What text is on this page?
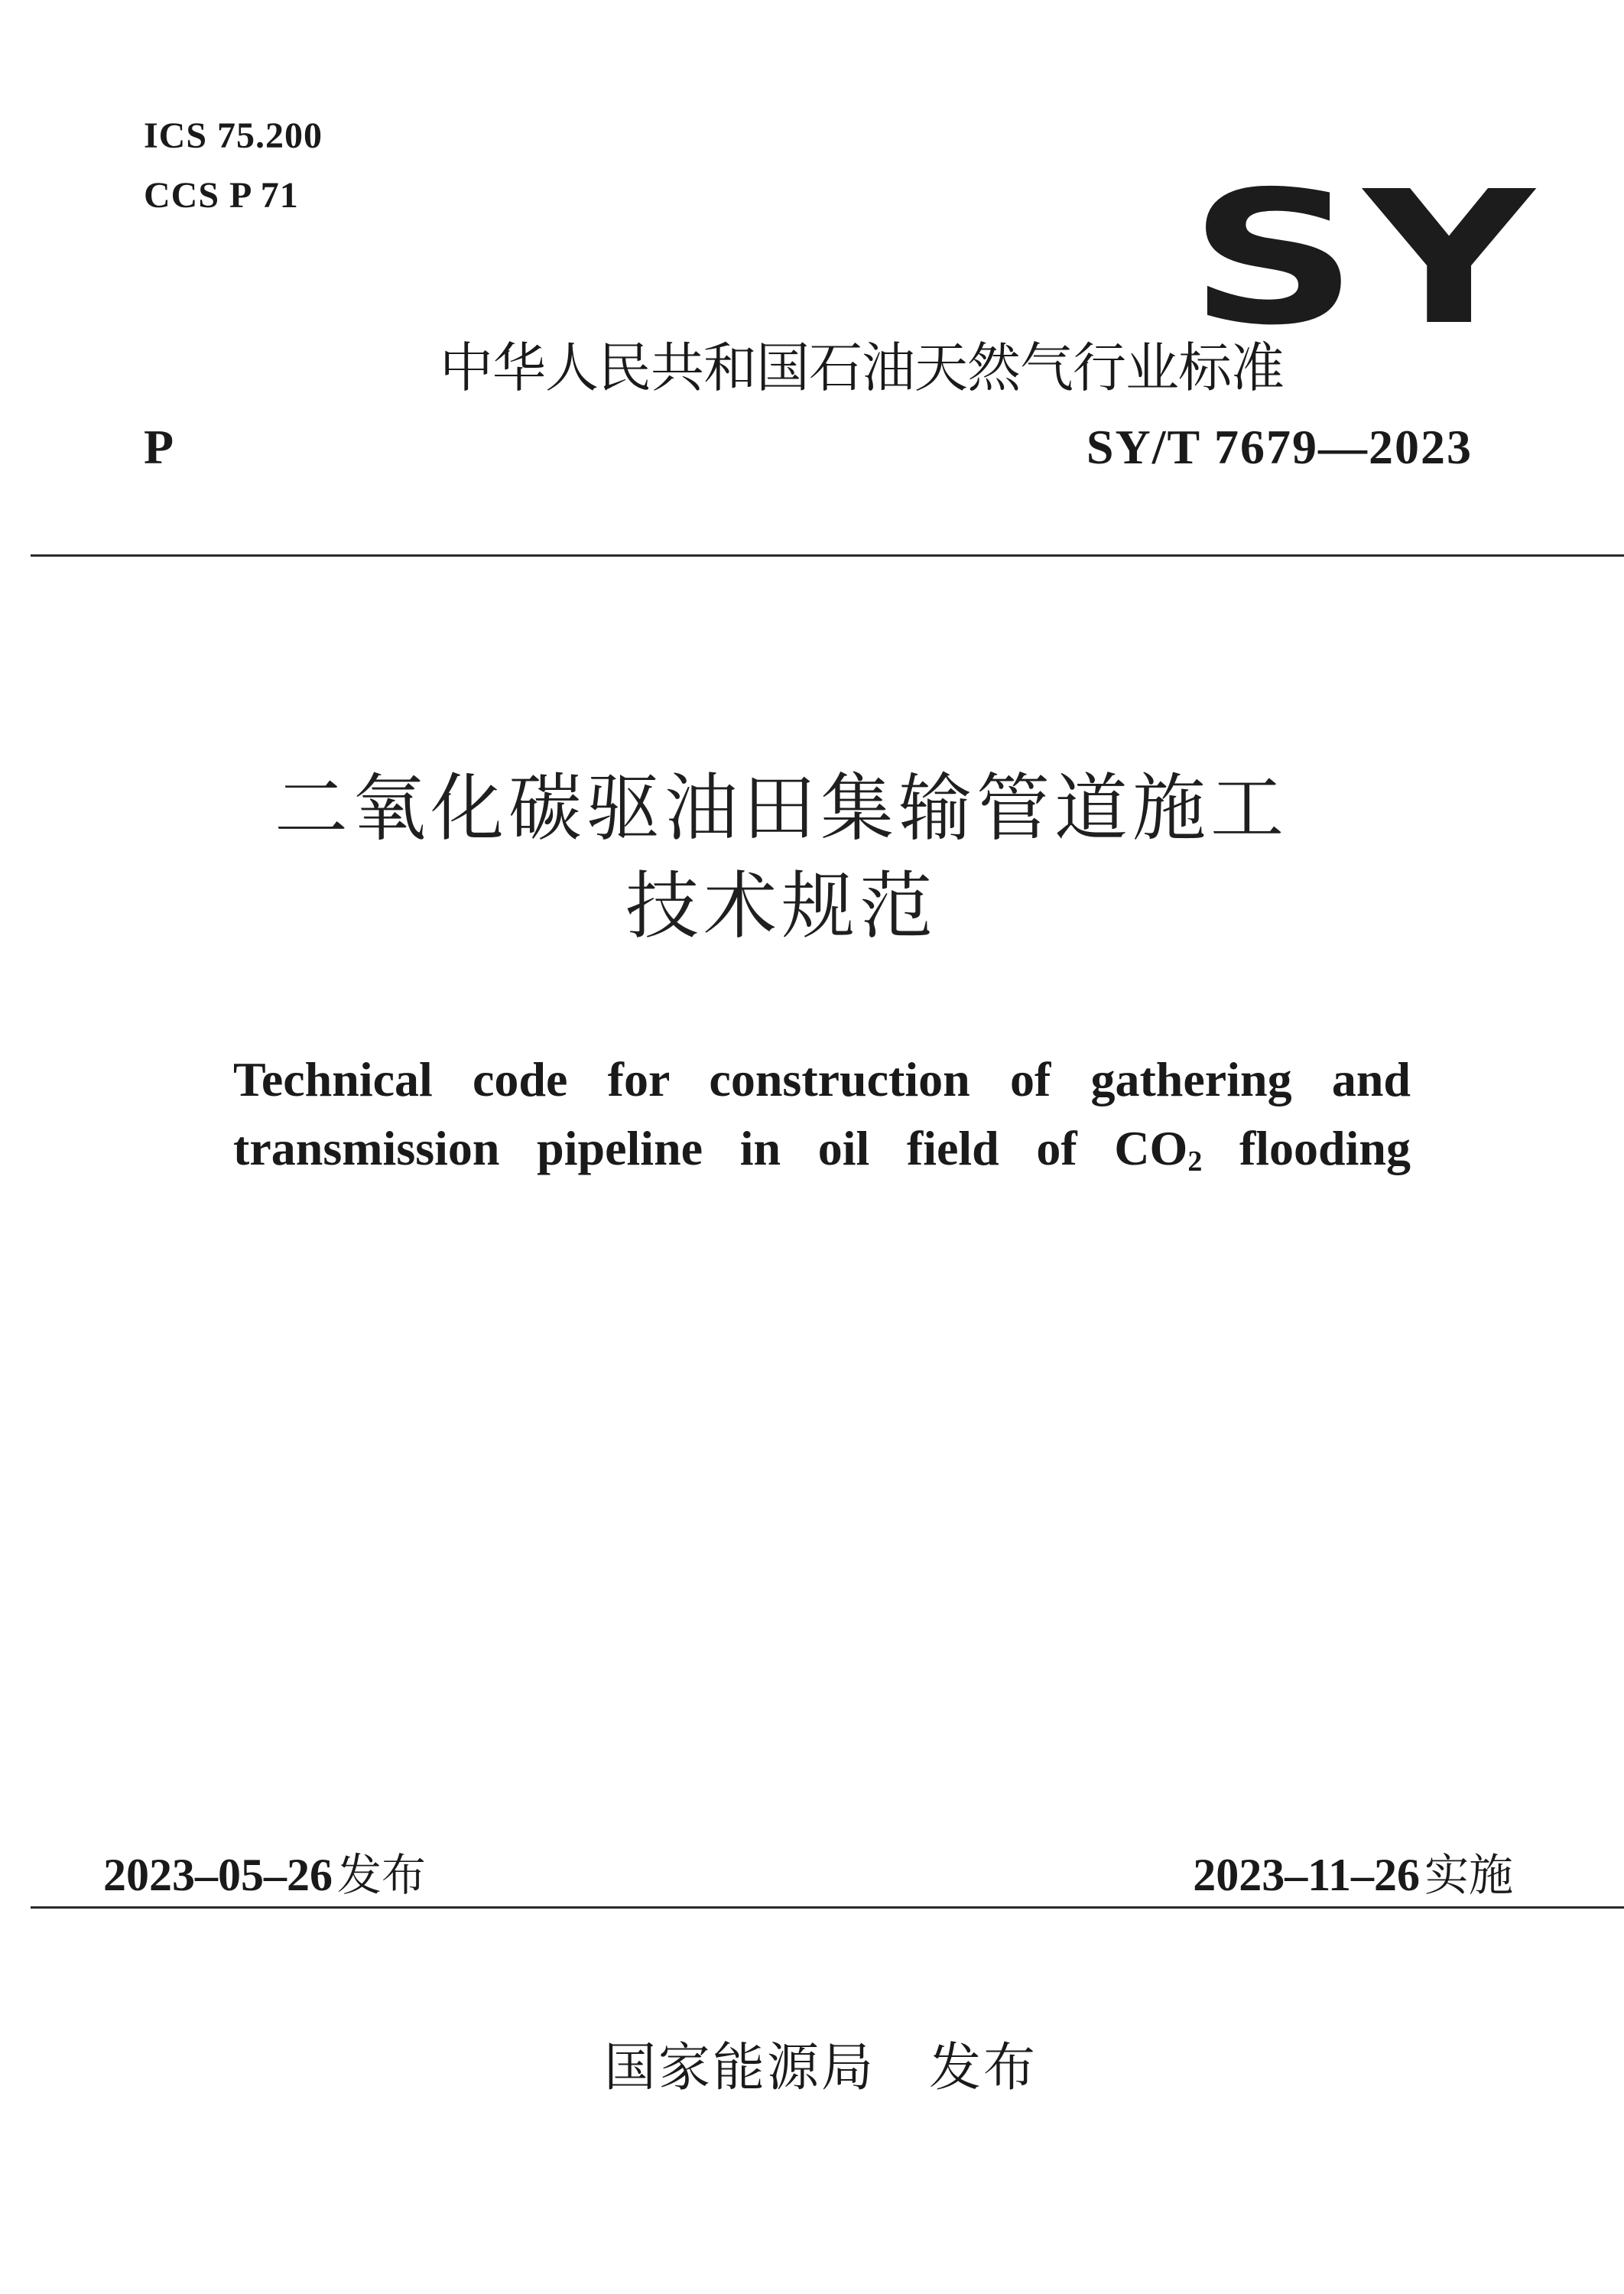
ICS 75.200
CCS P 71	SY
中华人民共和国石油天然气行业标准
P	SY/T 7679—2023
二氧化碳驱油田集输管道施工
技术规范
Technical code for construction of gathering and
transmission pipeline in oil field of $CO_2$ flooding
2023–05–26 发布	2023–11–26 实施
国家能源局 发布
